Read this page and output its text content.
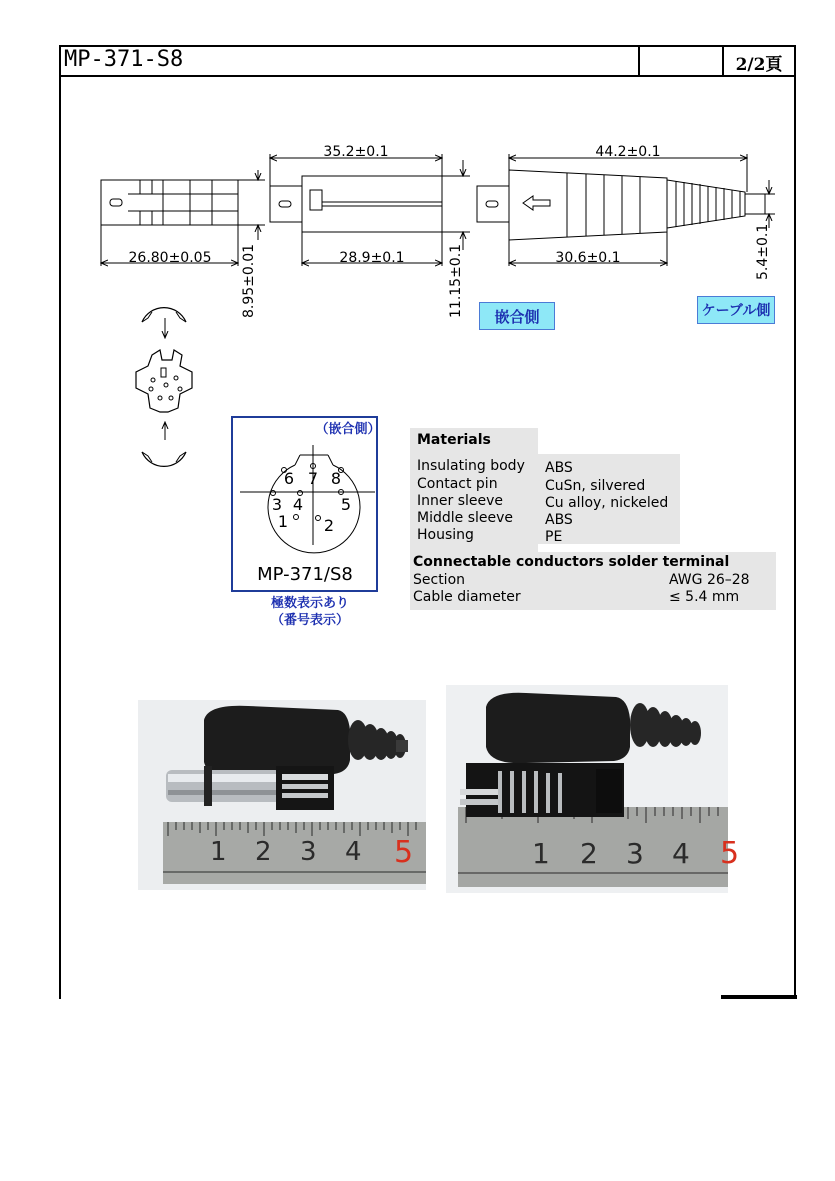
MP-371-S8	2/2頁
26.80±0.05 8.95±0.01
35.2±0.1
28.9±0.1	11.15±0.1
44.2±0.1
30.6±0.1	5.4±0.1
1 2
3 4 5
6 7 8
（嵌合側）
MP-371/S8
極数表示あり
（番号表示）
嵌合側	ケーブル側
Materials
Insulating body ABS
Contact pin	CuSn, silvered
Inner sleeve	Cu alloy, nickeled
Middle sleeve ABS
Housing	PE
Connectable conductors solder terminal
Section	AWG 26–28
Cable diameter	≤ 5.4 mm
1 2 3 4 5	1 2 3 4 5
